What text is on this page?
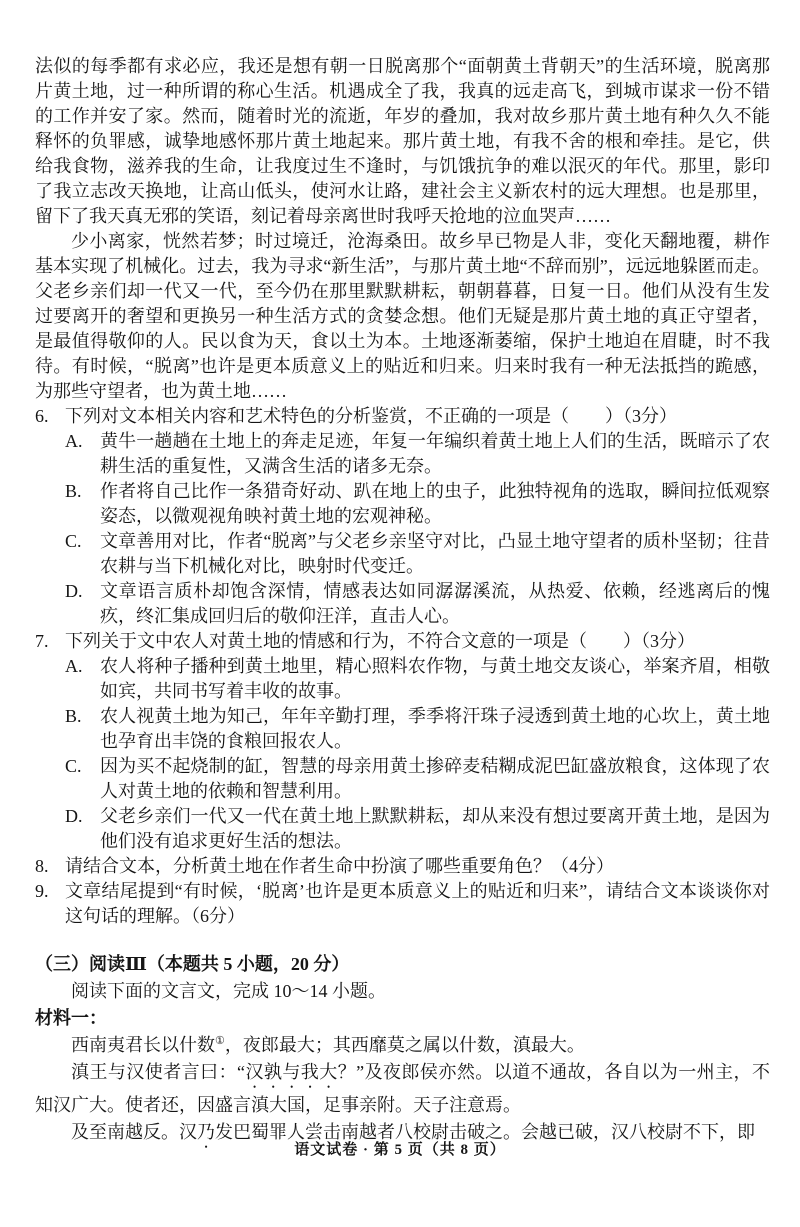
法似的每季都有求必应，我还是想有朝一日脱离那个“面朝黄土背朝天”的生活环境，脱离那片黄土地，过一种所谓的称心生活。机遇成全了我，我真的远走高飞，到城市谋求一份不错的工作并安了家。然而，随着时光的流逝，年岁的叠加，我对故乡那片黄土地有种久久不能释怀的负罪感，诚挚地感怀那片黄土地起来。那片黄土地，有我不舍的根和牵挂。是它，供给我食物，滋养我的生命，让我度过生不逢时，与饥饿抗争的难以泯灭的年代。那里，影印了我立志改天换地，让高山低头，使河水让路，建社会主义新农村的远大理想。也是那里，留下了我天真无邪的笑语，刻记着母亲离世时我呼天抢地的泣血哭声……

少小离家，恍然若梦；时过境迁，沧海桑田。故乡早已物是人非，变化天翻地覆，耕作基本实现了机械化。过去，我为寻求“新生活”，与那片黄土地“不辞而别”，远远地躲匿而走。父老乡亲们却一代又一代，至今仍在那里默默耕耘，朝朝暮暮，日复一日。他们从没有生发过要离开的奢望和更换另一种生活方式的贪婪念想。他们无疑是那片黄土地的真正守望者，是最值得敬仰的人。民以食为天，食以土为本。土地逐渐萎缩，保护土地迫在眉睫，时不我待。有时候，“脱离”也许是更本质意义上的贴近和归来。归来时我有一种无法抵挡的跪感，为那些守望者，也为黄土地……

6. 下列对文本相关内容和艺术特色的分析鉴赏，不正确的一项是（　　）（3分）
A. 黄牛一趟趟在土地上的奔走足迹，年复一年编织着黄土地上人们的生活，既暗示了农耕生活的重复性，又满含生活的诸多无奈。
B.	作者将自己比作一条猎奇好动、趴在地上的虫子，此独特视角的选取，瞬间拉低观察姿态，以微观视角映衬黄土地的宏观神秘。
C.	文章善用对比，作者“脱离”与父老乡亲坚守对比，凸显土地守望者的质朴坚韧；往昔农耕与当下机械化对比，映射时代变迁。
D. 文章语言质朴却饱含深情，情感表达如同潺潺溪流，从热爱、依赖，经逃离后的愧疚，终汇集成回归后的敬仰汪洋，直击人心。
7. 下列关于文中农人对黄土地的情感和行为，不符合文意的一项是（　　）（3分）
A. 农人将种子播种到黄土地里，精心照料农作物，与黄土地交友谈心，举案齐眉，相敬如宾，共同书写着丰收的故事。
B.	农人视黄土地为知己，年年辛勤打理，季季将汗珠子浸透到黄土地的心坎上，黄土地也孕育出丰饶的食粮回报农人。
C.	因为买不起烧制的缸，智慧的母亲用黄土掺碎麦秸糊成泥巴缸盛放粮食，这体现了农人对黄土地的依赖和智慧利用。
D. 父老乡亲们一代又一代在黄土地上默默耕耘，却从来没有想过要离开黄土地，是因为他们没有追求更好生活的想法。
8. 请结合文本，分析黄土地在作者生命中扮演了哪些重要角色？（4分）
9. 文章结尾提到“有时候，‘脱离’也许是更本质意义上的贴近和归来”，请结合文本谈谈你对这句话的理解。（6分）
（三）阅读Ⅲ（本题共 5 小题，20 分）
阅读下面的文言文，完成 10～14 小题。
材料一：

西南夷君长以什数①，夜郎最大；其西靡莫之属以什数，滇最大。

滇王与汉使者言曰：“汉孰与我大？”及夜郎侯亦然。以道不通故，各自以为一州主，不知汉广大。使者还，因盛言滇大国，足事亲附。天子注意焉。

及至南越反。汉乃发巴蜀罪人尝击南越者八校尉击破之。会越已破，汉八校尉不下，即

语文试卷 · 第 5 页（共 8 页）
